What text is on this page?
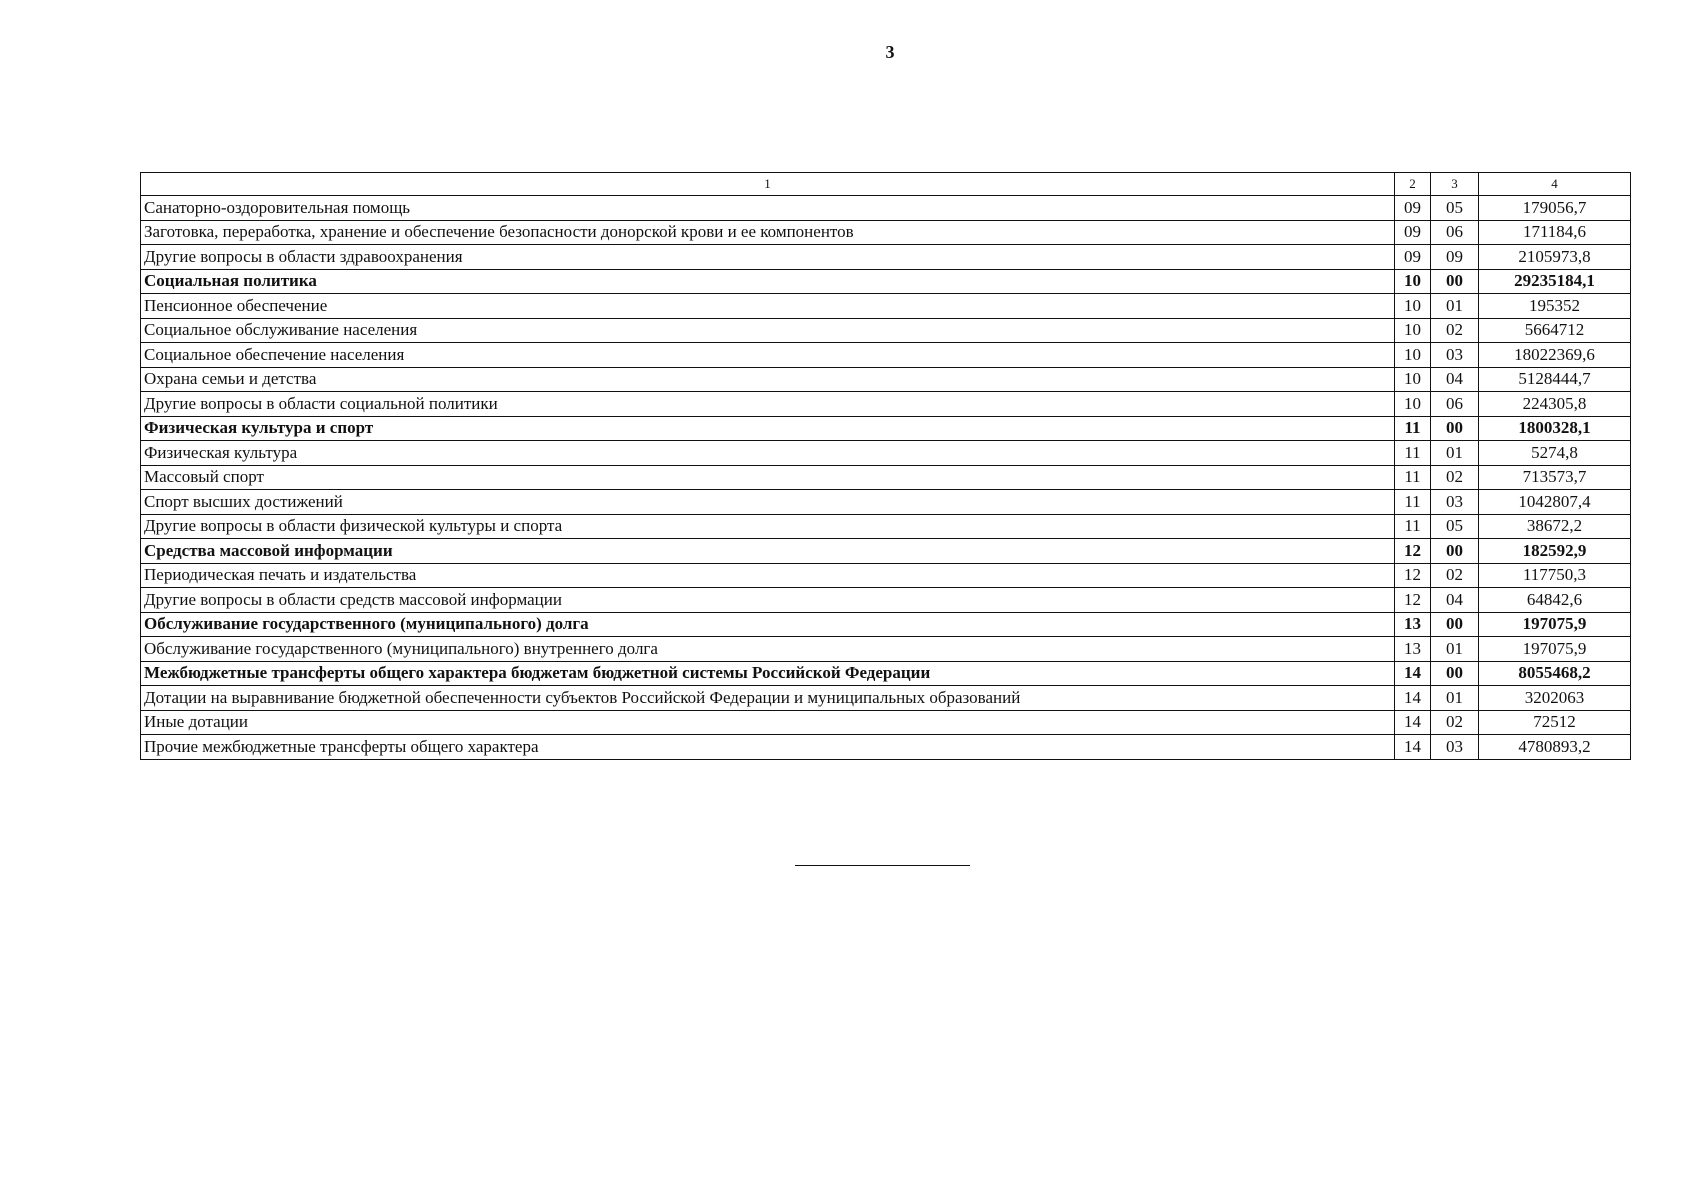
3
1	2	3	4
Санаторно-оздоровительная помощь	09	05	179056,7
Заготовка, переработка, хранение и обеспечение безопасности донорской крови и ее компонентов	09	06	171184,6
Другие вопросы в области здравоохранения	09	09	2105973,8
Социальная политика	10	00	29235184,1
Пенсионное обеспечение	10	01	195352
Социальное обслуживание населения	10	02	5664712
Социальное обеспечение населения	10	03	18022369,6
Охрана семьи и детства	10	04	5128444,7
Другие вопросы в области социальной политики	10	06	224305,8
Физическая культура и спорт	11	00	1800328,1
Физическая культура	11	01	5274,8
Массовый спорт	11	02	713573,7
Спорт высших достижений	11	03	1042807,4
Другие вопросы в области физической культуры и спорта	11	05	38672,2
Средства массовой информации	12	00	182592,9
Периодическая печать и издательства	12	02	117750,3
Другие вопросы в области средств массовой информации	12	04	64842,6
Обслуживание государственного (муниципального) долга	13	00	197075,9
Обслуживание государственного (муниципального) внутреннего долга	13	01	197075,9
Межбюджетные трансферты общего характера бюджетам бюджетной системы Российской Федерации	14	00	8055468,2
Дотации на выравнивание бюджетной обеспеченности субъектов Российской Федерации и муниципальных образований	14	01	3202063
Иные дотации	14	02	72512
Прочие межбюджетные трансферты общего характера	14	03	4780893,2
